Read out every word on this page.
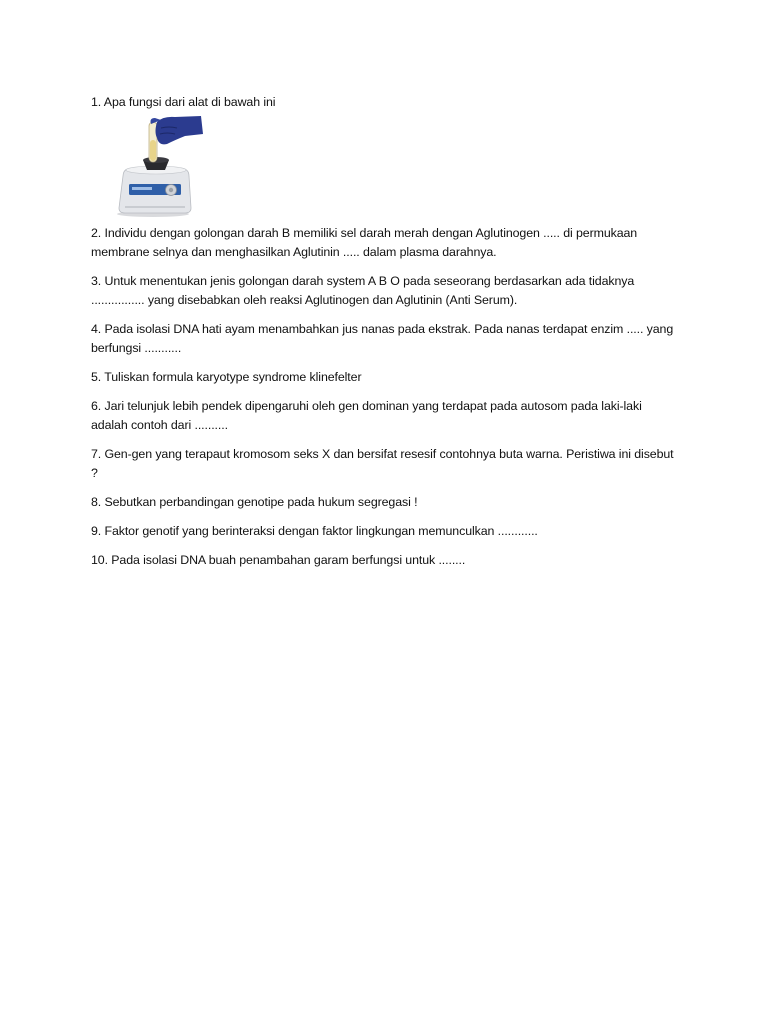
1. Apa fungsi dari alat di bawah ini

2. Individu dengan golongan darah B memiliki sel darah merah dengan Aglutinogen ..... di permukaan membrane selnya dan menghasilkan Aglutinin ..... dalam plasma darahnya.

3. Untuk menentukan jenis golongan darah system A B O pada seseorang berdasarkan ada tidaknya ................ yang disebabkan oleh reaksi Aglutinogen dan Aglutinin (Anti Serum).

4. Pada isolasi DNA hati ayam menambahkan jus nanas pada ekstrak. Pada nanas terdapat enzim ..... yang berfungsi ...........

5. Tuliskan formula karyotype syndrome klinefelter

6. Jari telunjuk lebih pendek dipengaruhi oleh gen dominan yang terdapat pada autosom pada laki-laki adalah contoh dari ..........

7. Gen-gen yang terapaut kromosom seks X dan bersifat resesif contohnya buta warna. Peristiwa ini disebut ?

8. Sebutkan perbandingan genotipe pada hukum segregasi !

9. Faktor genotif yang berinteraksi dengan faktor lingkungan memunculkan ............

10. Pada isolasi DNA buah penambahan garam berfungsi untuk ........
